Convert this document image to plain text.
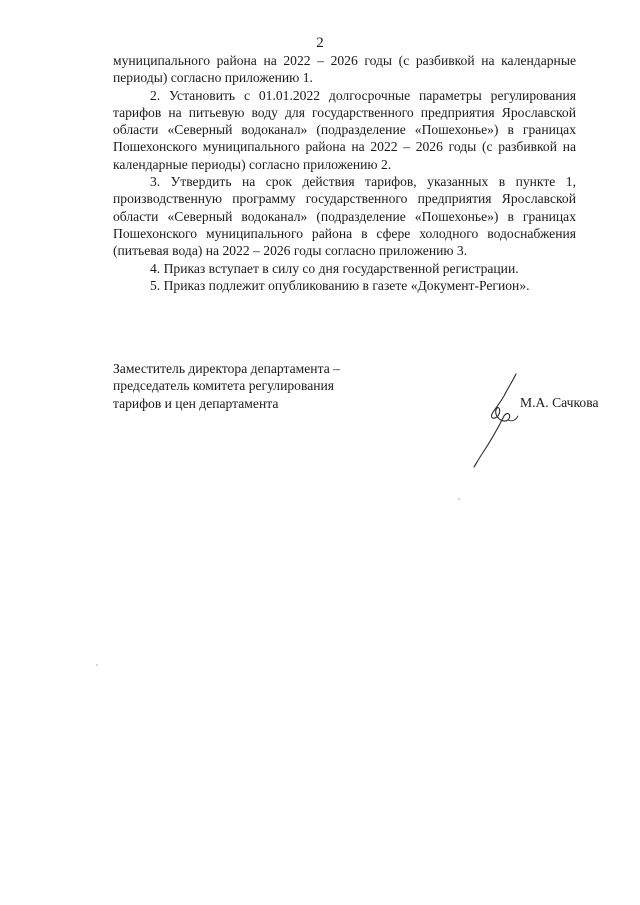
2

муниципального района на 2022 – 2026 годы (с разбивкой на календарные периоды) согласно приложению 1.

2. Установить с 01.01.2022 долгосрочные параметры регулирования тарифов на питьевую воду для государственного предприятия Ярославской области «Северный водоканал» (подразделение «Пошехонье») в границах Пошехонского муниципального района на 2022 – 2026 годы (с разбивкой на календарные периоды) согласно приложению 2.

3. Утвердить на срок действия тарифов, указанных в пункте 1, производственную программу государственного предприятия Ярославской области «Северный водоканал» (подразделение «Пошехонье») в границах Пошехонского муниципального района в сфере холодного водоснабжения (питьевая вода) на 2022 – 2026 годы согласно приложению 3.

4. Приказ вступает в силу со дня государственной регистрации.

5. Приказ подлежит опубликованию в газете «Документ-Регион».

Заместитель директора департамента –
председатель комитета регулирования
тарифов и цен департамента	М.А. Сачкова
